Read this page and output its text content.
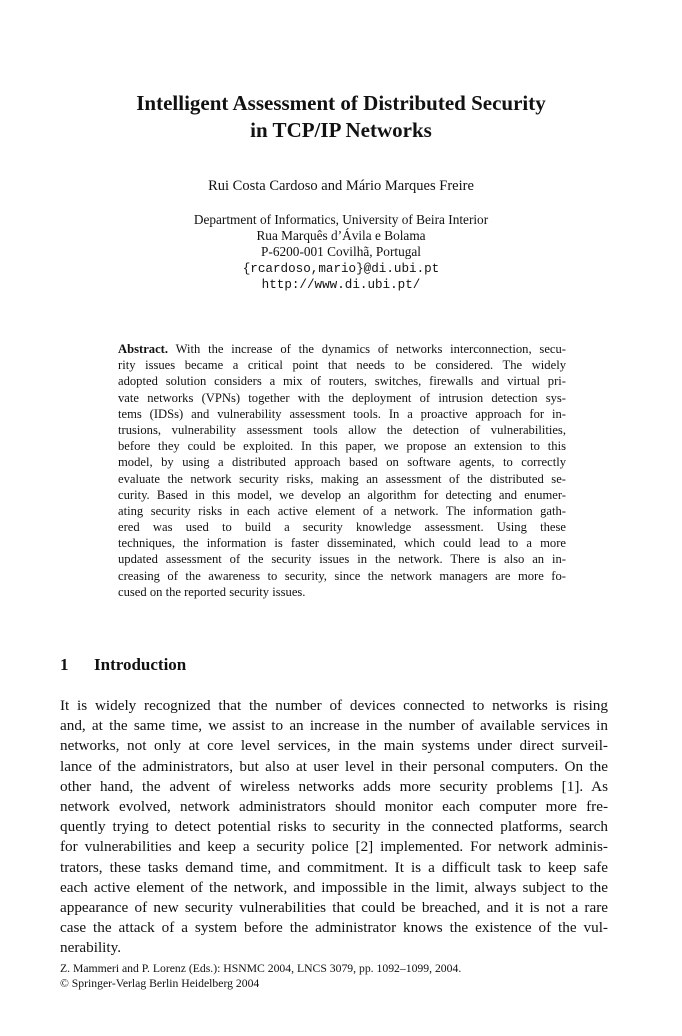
Intelligent Assessment of Distributed Security
in TCP/IP Networks
Rui Costa Cardoso and Mário Marques Freire
Department of Informatics, University of Beira Interior
Rua Marquês d’Ávila e Bolama
P-6200-001 Covilhã, Portugal
{rcardoso,mario}@di.ubi.pt
http://www.di.ubi.pt/
Abstract. With the increase of the dynamics of networks interconnection, secu-
rity issues became a critical point that needs to be considered. The widely
adopted solution considers a mix of routers, switches, firewalls and virtual pri-
vate networks (VPNs) together with the deployment of intrusion detection sys-
tems (IDSs) and vulnerability assessment tools. In a proactive approach for in-
trusions, vulnerability assessment tools allow the detection of vulnerabilities,
before they could be exploited. In this paper, we propose an extension to this
model, by using a distributed approach based on software agents, to correctly
evaluate the network security risks, making an assessment of the distributed se-
curity. Based in this model, we develop an algorithm for detecting and enumer-
ating security risks in each active element of a network. The information gath-
ered was used to build a security knowledge assessment. Using these
techniques, the information is faster disseminated, which could lead to a more
updated assessment of the security issues in the network. There is also an in-
creasing of the awareness to security, since the network managers are more fo-
cused on the reported security issues.
1 Introduction
It is widely recognized that the number of devices connected to networks is rising
and, at the same time, we assist to an increase in the number of available services in
networks, not only at core level services, in the main systems under direct surveil-
lance of the administrators, but also at user level in their personal computers. On the
other hand, the advent of wireless networks adds more security problems [1]. As
network evolved, network administrators should monitor each computer more fre-
quently trying to detect potential risks to security in the connected platforms, search
for vulnerabilities and keep a security police [2] implemented. For network adminis-
trators, these tasks demand time, and commitment. It is a difficult task to keep safe
each active element of the network, and impossible in the limit, always subject to the
appearance of new security vulnerabilities that could be breached, and it is not a rare
case the attack of a system before the administrator knows the existence of the vul-
nerability.
Z. Mammeri and P. Lorenz (Eds.): HSNMC 2004, LNCS 3079, pp. 1092–1099, 2004.
© Springer-Verlag Berlin Heidelberg 2004
